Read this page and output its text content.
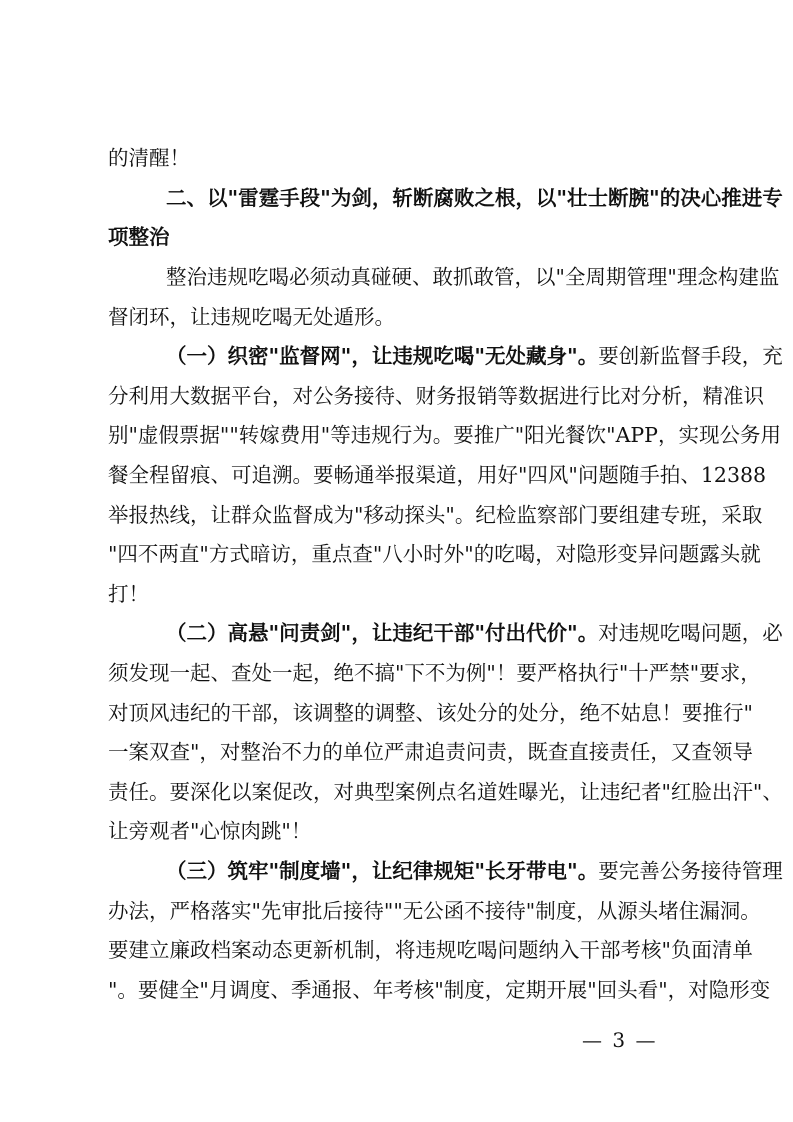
的清醒！
二、以"雷霆手段"为剑，斩断腐败之根，以"壮士断腕"的决心推进专
项整治
整治违规吃喝必须动真碰硬、敢抓敢管，以"全周期管理"理念构建监
督闭环，让违规吃喝无处遁形。
（一）织密"监督网"，让违规吃喝"无处藏身"。要创新监督手段，充
分利用大数据平台，对公务接待、财务报销等数据进行比对分析，精准识
别"虚假票据""转嫁费用"等违规行为。要推广"阳光餐饮"APP，实现公务用
餐全程留痕、可追溯。要畅通举报渠道，用好"四风"问题随手拍、12388
举报热线，让群众监督成为"移动探头"。纪检监察部门要组建专班，采取
"四不两直"方式暗访，重点查"八小时外"的吃喝，对隐形变异问题露头就
打！
（二）高悬"问责剑"，让违纪干部"付出代价"。对违规吃喝问题，必
须发现一起、查处一起，绝不搞"下不为例"！要严格执行"十严禁"要求，
对顶风违纪的干部，该调整的调整、该处分的处分，绝不姑息！要推行"
一案双查"，对整治不力的单位严肃追责问责，既查直接责任，又查领导
责任。要深化以案促改，对典型案例点名道姓曝光，让违纪者"红脸出汗"、
让旁观者"心惊肉跳"！
（三）筑牢"制度墙"，让纪律规矩"长牙带电"。要完善公务接待管理
办法，严格落实"先审批后接待""无公函不接待"制度，从源头堵住漏洞。
要建立廉政档案动态更新机制，将违规吃喝问题纳入干部考核"负面清单
"。要健全"月调度、季通报、年考核"制度，定期开展"回头看"，对隐形变
— 3 —
